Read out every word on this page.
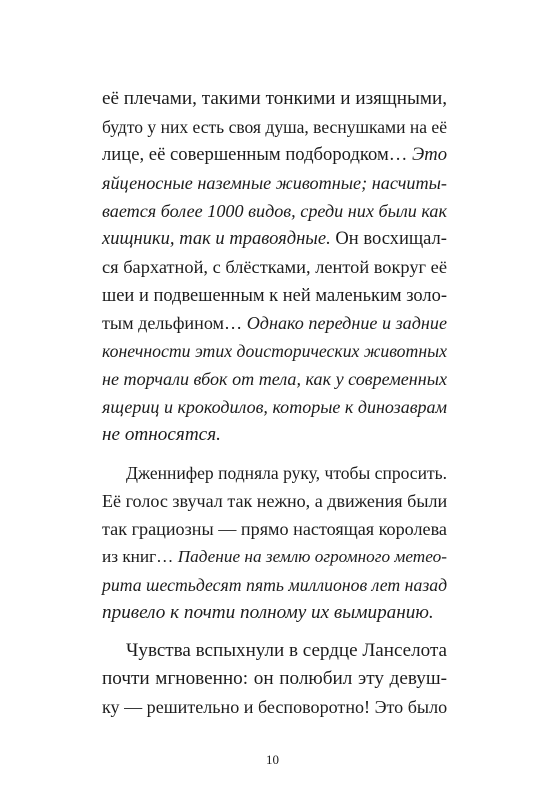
её плечами, такими тонкими и изящными,
будто у них есть своя душа, веснушками на её
лице, её совершенным подбородком… Это
яйценосные наземные животные; насчиты-
вается более 1000 видов, среди них были как
хищники, так и травоядные. Он восхищал-
ся бархатной, с блёстками, лентой вокруг её
шеи и подвешенным к ней маленьким золо-
тым дельфином… Однако передние и задние
конечности этих доисторических животных
не торчали вбок от тела, как у современных
ящериц и крокодилов, которые к динозаврам
не относятся.
Дженнифер подняла руку, чтобы спросить.
Её голос звучал так нежно, а движения были
так грациозны — прямо настоящая королева
из книг… Падение на землю огромного метео-
рита шестьдесят пять миллионов лет назад
привело к почти полному их вымиранию.
Чувства вспыхнули в сердце Ланселота
почти мгновенно: он полюбил эту девуш-
ку — решительно и бесповоротно! Это было
10
